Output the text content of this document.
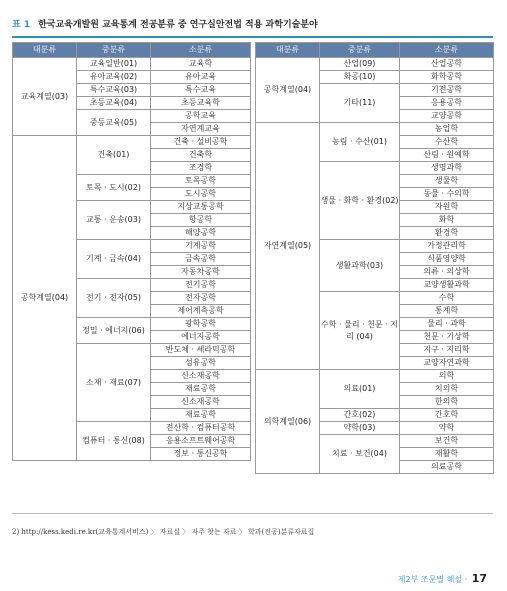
표 1 한국교육개발원 교육통계 전공분류 중 연구실안전법 적용 과학기술분야
대분류	중분류	소분류
교육계열(03)	교육일반(01)	교육학
	유아교육(02)	유아교육
	특수교육(03)	특수교육
	초등교육(04)	초등교육학
	중등교육(05)	공학교육
		자연계교육
공학계열(04)	건축(01)	건축 · 설비공학
		건축학
		조경학
	토목 · 도시(02)	토목공학
		도시공학
	교통 · 운송(03)	지상교통공학
		항공학
		해양공학
	기계 · 금속(04)	기계공학
		금속공학
		자동차공학
	전기 · 전자(05)	전기공학
		전자공학
		제어계측공학
	정밀 · 에너지(06)	광학공학
		에너지공학
	소재 · 재료(07)	반도체 · 세라믹공학
		섬유공학
		신소재공학
		재료공학
		신소재공학
		재료공학
	컴퓨터 · 통신(08)	전산학 · 컴퓨터공학
		응용소프트웨어공학
		정보 · 통신공학
대분류	중분류	소분류
공학계열(04)	산업(09)	산업공학
	화공(10)	화학공학
	기타(11)	기전공학
		응용공학
		교양공학
자연계열(05)	농림 · 수산(01)	농업학
		수산학
		산림 · 원예학
	생물 · 화학 · 환경(02)	생명과학
		생물학
		동물 · 수의학
		자원학
		화학
		환경학
	생활과학(03)	가정관리학
		식품영양학
		의류 · 의상학
		교양생활과학
	수학 · 물리 · 천문 · 지리 (04)	수학
		통계학
		물리 · 과학
		천문 · 기상학
		지구 · 지리학
		교양자연과학
의학계열(06)	의료(01)	의학
		치의학
		한의학
	간호(02)	간호학
	약학(03)	약학
	치료 · 보건(04)	보건학
		재활학
		의료공학
2) http://kess.kedi.re.kr(교육통계서비스) 〉 자료실 〉 자주 찾는 자료 〉 학과(전공)분류자료집
제2부 조문별 해설 · 17
